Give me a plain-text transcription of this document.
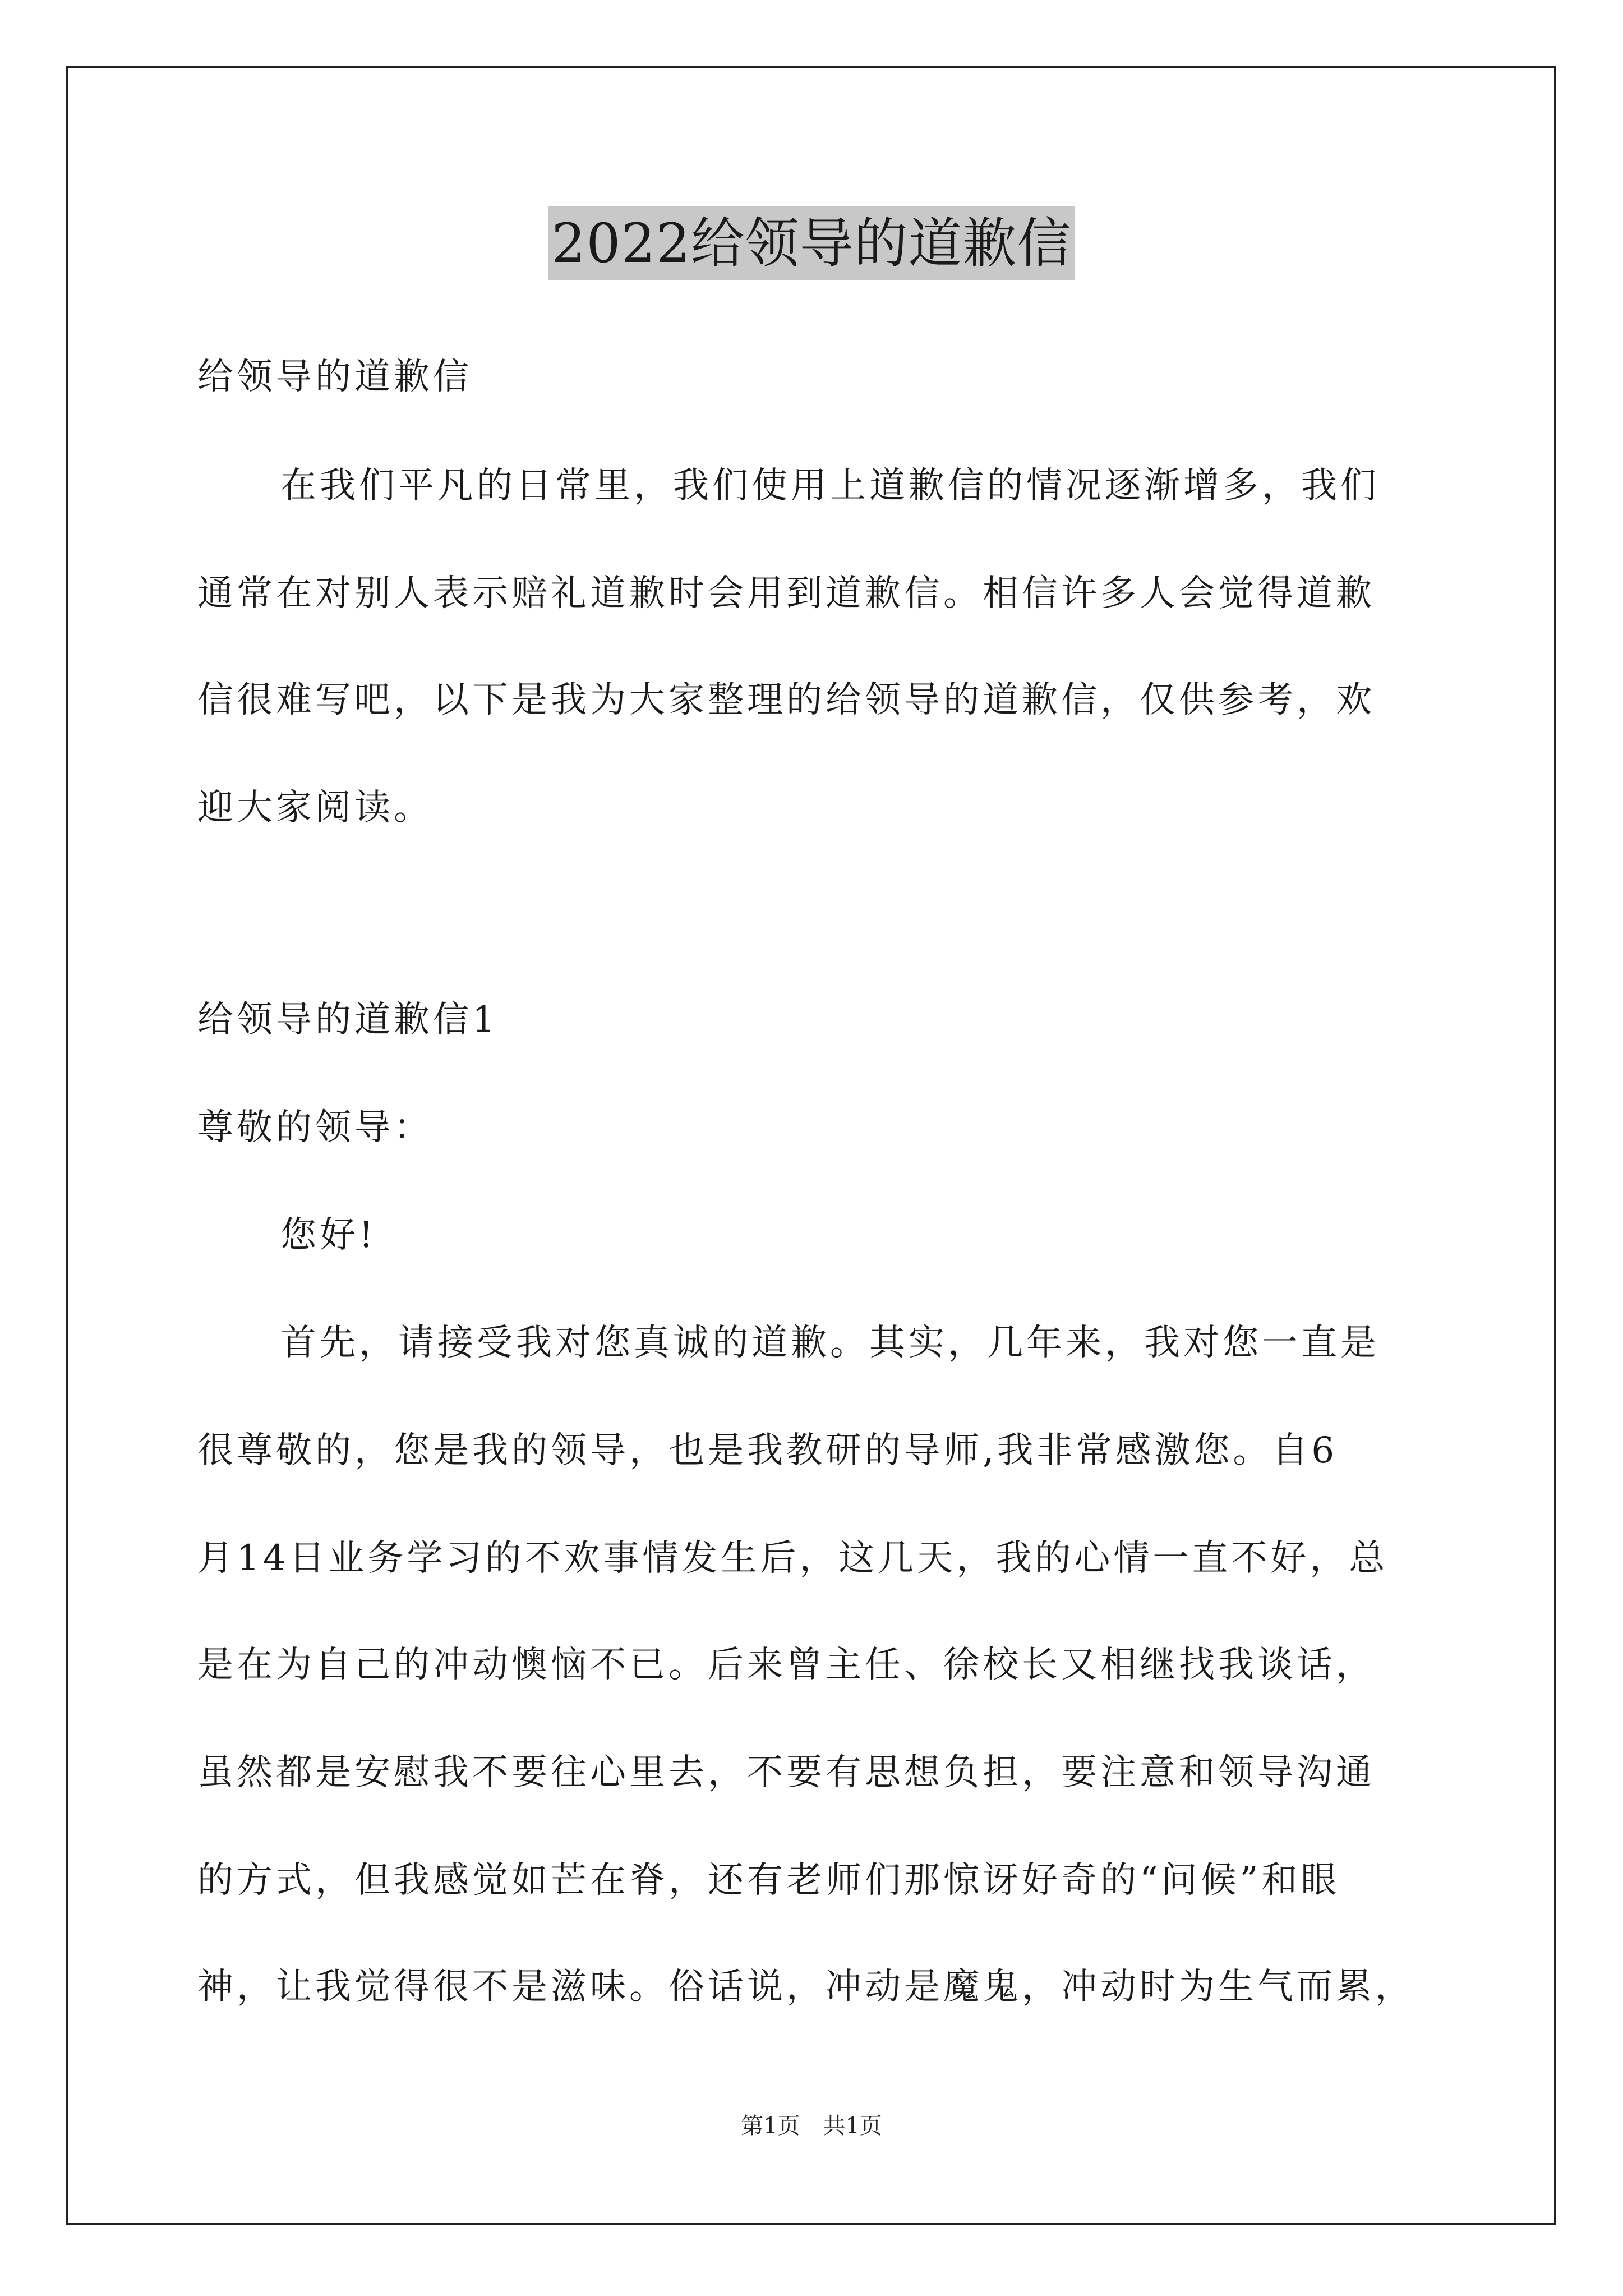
2022给领导的道歉信
给领导的道歉信
在我们平凡的日常里，我们使用上道歉信的情况逐渐增多，我们
通常在对别人表示赔礼道歉时会用到道歉信。相信许多人会觉得道歉
信很难写吧，以下是我为大家整理的给领导的道歉信，仅供参考，欢
迎大家阅读。
给领导的道歉信1
尊敬的领导：
您好!
首先，请接受我对您真诚的道歉。其实，几年来，我对您一直是
很尊敬的，您是我的领导，也是我教研的导师,我非常感激您。自6
月14日业务学习的不欢事情发生后，这几天，我的心情一直不好，总
是在为自己的冲动懊恼不已。后来曾主任、徐校长又相继找我谈话，
虽然都是安慰我不要往心里去，不要有思想负担，要注意和领导沟通
的方式，但我感觉如芒在脊，还有老师们那惊讶好奇的“问候”和眼
神，让我觉得很不是滋味。俗话说，冲动是魔鬼，冲动时为生气而累，
第1页 共1页
